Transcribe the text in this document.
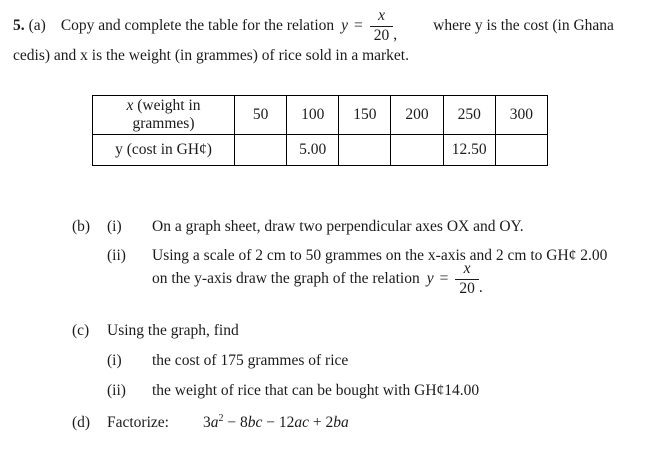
5. (a) Copy and complete the table for the relation $y = \frac{x}{20}$ ,
where y is the cost (in Ghana
cedis) and x is the weight (in grammes) of rice sold in a market.
x (weight in grammes)	50	100	150	200	250	300
y (cost in GH¢)		5.00			12.50	
(b) (i) On a graph sheet, draw two perpendicular axes OX and OY.
(ii) Using a scale of 2 cm to 50 grammes on the x-axis and 2 cm to GH¢ 2.00
on the y-axis draw the graph of the relation $y = \frac{x}{20}$ .
(c) Using the graph, find
(i) the cost of 175 grammes of rice
(ii) the weight of rice that can be bought with GH¢14.00
(d) Factorize: $3a^2 - 8bc - 12ac + 2ba$
